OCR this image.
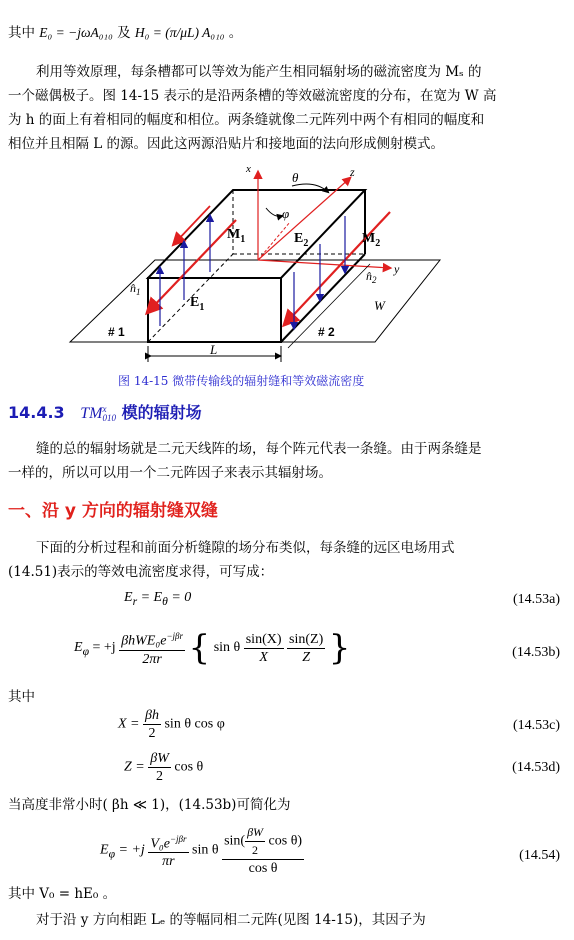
其中 E₀ = −jωA₀₁₀ 及 H₀ = (π/μL) A₀₁₀ 。
利用等效原理，每条槽都可以等效为能产生相同辐射场的磁流密度为 Mₛ 的
一个磁偶极子。图 14-15 表示的是沿两条槽的等效磁流密度的分布，在宽为 W 高
为 h 的面上有着相同的幅度和相位。两条缝就像二元阵列中两个有相同的幅度和
相位并且相隔 L 的源。因此这两源沿贴片和接地面的法向形成侧射模式。
x	z
y
θ
φ
$M_1$	$M_2$
$E_1$
$E_2$
$n̂_1$
$n̂_2$
# 1	# 2
W
L
图 14-15 微带传输线的辐射缝和等效磁流密度
14.4.3 TM x
010 模的辐射场
缝的总的辐射场就是二元天线阵的场，每个阵元代表一条缝。由于两条缝是
一样的，所以可以用一个二元阵因子来表示其辐射场。
一、沿 y 方向的辐射缝双缝
下面的分析过程和前面分析缝隙的场分布类似，每条缝的远区电场用式
(14.51)表示的等效电流密度求得，可写成：
$E_r = E_\theta = 0$	(14.53a)
$E_\varphi = +j \frac{\beta hWE_0e^{-j\beta r}}{2\pi r}$ { sin θ $\frac{\sin(X)}{X}$
$\frac{\sin(Z)}{Z}$ }	(14.53b)
其中
$X = \frac{\beta h}{2}$ sin θ cos φ	(14.53c)
$Z = \frac{\beta W}{2}$ cos θ	(14.53d)
当高度非常小时( βh ≪ 1)，(14.53b)可简化为
$E_\varphi = +j \frac{V_0e^{-j\beta r}}{\pi r}$ sin θ $\frac{\sin( \frac{\beta W}{2} \cos \theta)}{\text{cos θ}}$	(14.54)
其中 V₀ = hE₀ 。
对于沿 y 方向相距 Lₑ 的等幅同相二元阵(见图 14-15)，其因子为
